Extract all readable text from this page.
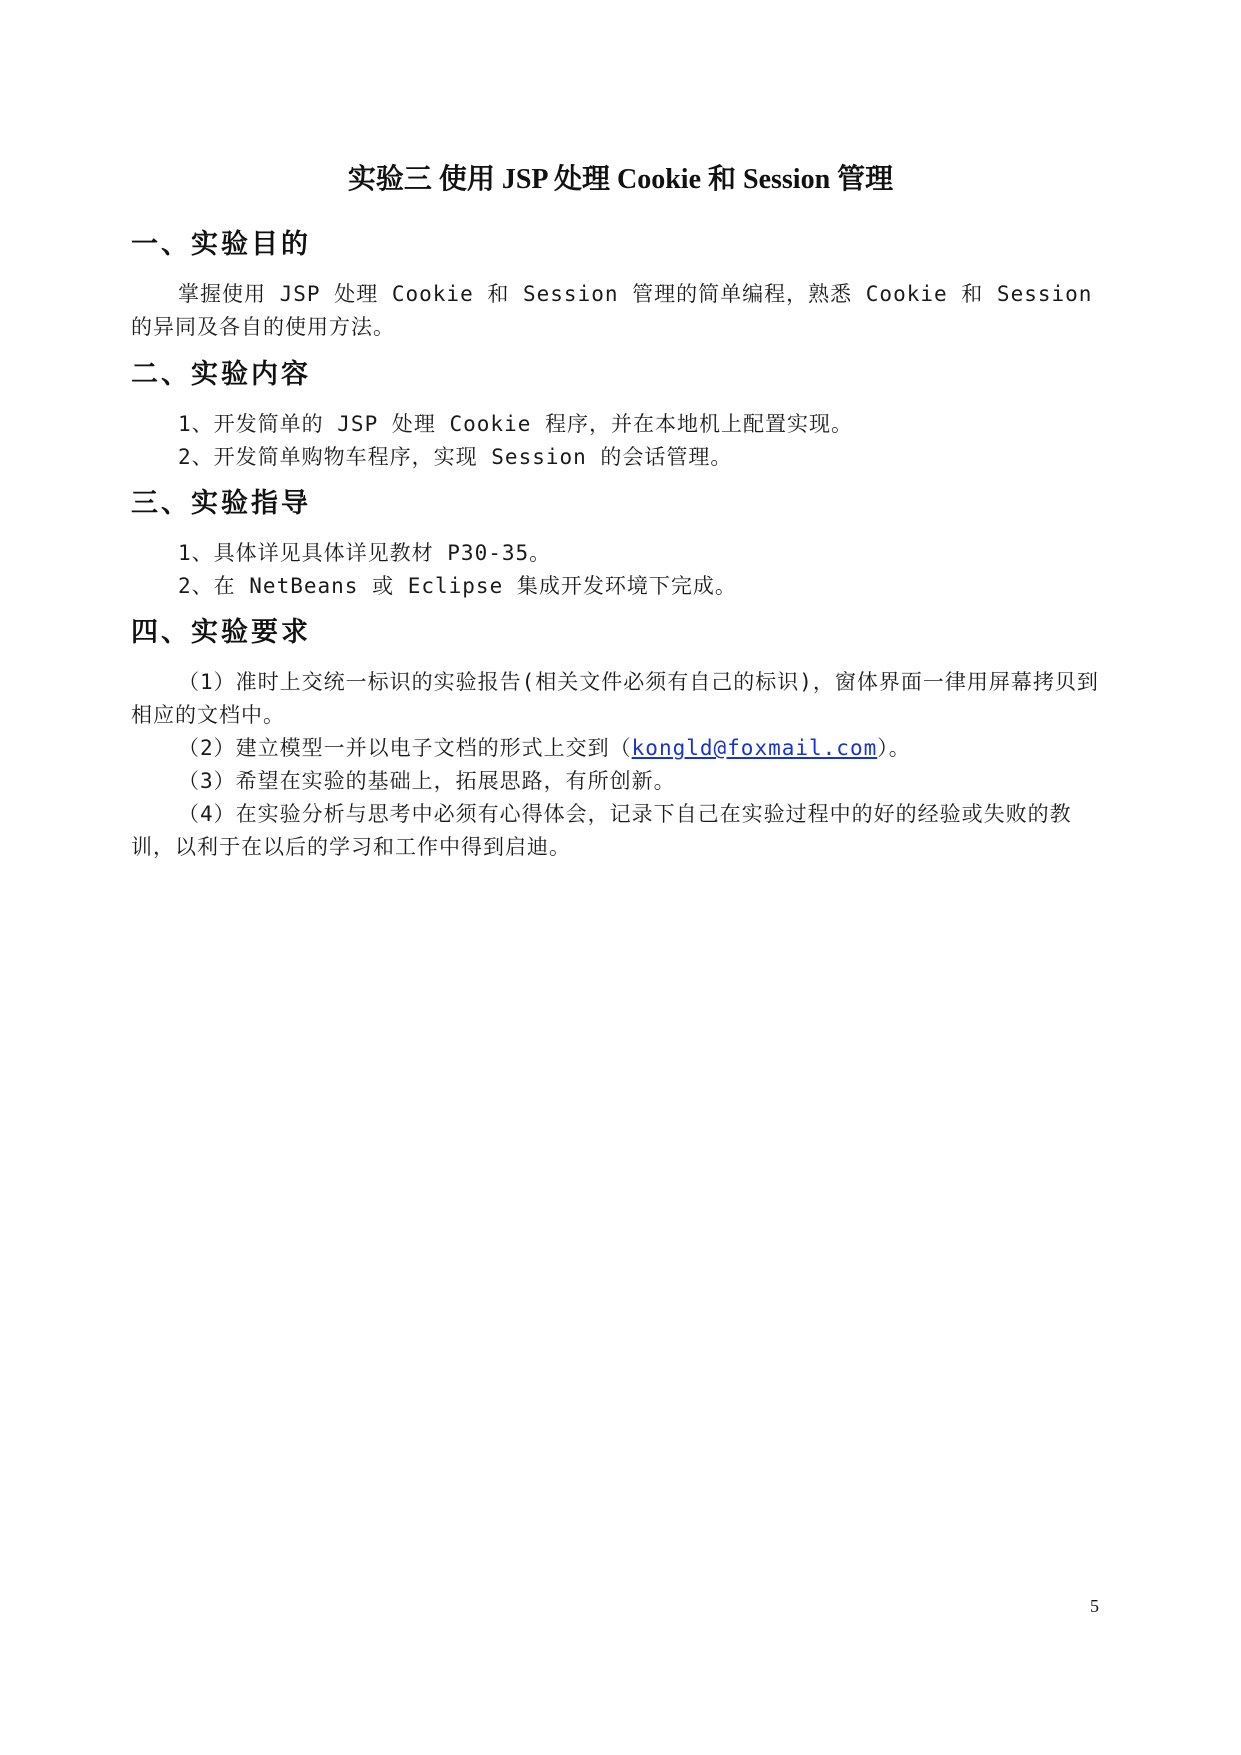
实验三 使用 JSP 处理 Cookie 和 Session 管理
一、实验目的
掌握使用 JSP 处理 Cookie 和 Session 管理的简单编程，熟悉 Cookie 和 Session 的异同及各自的使用方法。
二、实验内容
1、开发简单的 JSP 处理 Cookie 程序，并在本地机上配置实现。
2、开发简单购物车程序，实现 Session 的会话管理。
三、实验指导
1、具体详见具体详见教材 P30-35。
2、在 NetBeans 或 Eclipse 集成开发环境下完成。
四、实验要求
（1）准时上交统一标识的实验报告(相关文件必须有自己的标识)，窗体界面一律用屏幕拷贝到相应的文档中。
（2）建立模型一并以电子文档的形式上交到（kongld@foxmail.com）。
（3）希望在实验的基础上，拓展思路，有所创新。
（4）在实验分析与思考中必须有心得体会，记录下自己在实验过程中的好的经验或失败的教训，以利于在以后的学习和工作中得到启迪。
5
